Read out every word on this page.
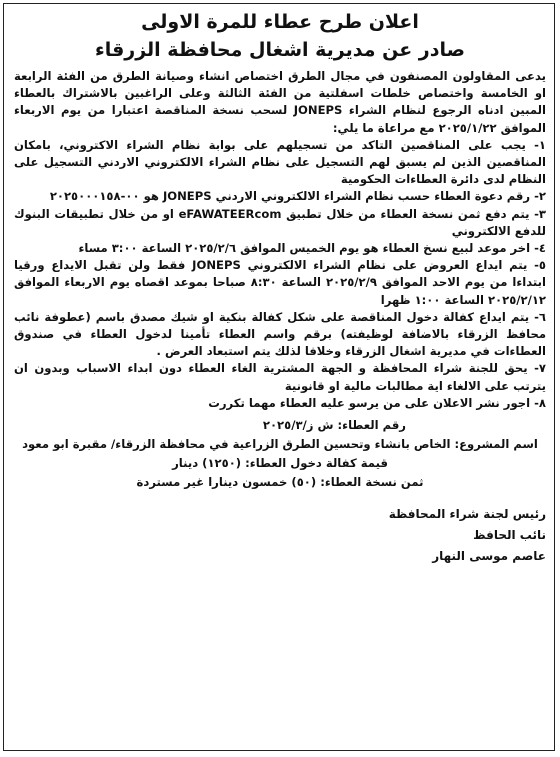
اعلان طرح عطاء للمرة الاولى
صادر عن مديرية اشغال محافظة الزرقاء

يدعى المقاولون المصنفون في مجال الطرق اختصاص انشاء وصيانة الطرق من الفئة الرابعة او الخامسة واختصاص خلطات اسفلتية من الفئة الثالثة وعلى الراغبين بالاشتراك بالعطاء المبين ادناه الرجوع لنظام الشراء JONEPS لسحب نسخة المناقصة اعتبارا من يوم الاربعاء الموافق ٢٠٢٥/١/٢٢ مع مراعاة ما يلي:

١- يجب على المناقصين التاكد من تسجيلهم على بوابة نظام الشراء الاكتروني، بامكان المناقصين الذين لم يسبق لهم التسجيل على نظام الشراء الالكتروني الاردني التسجيل على النظام لدى دائرة العطاءات الحكومية

٢- رقم دعوة العطاء حسب نظام الشراء الالكتروني الاردني JONEPS هو ٠٠-٢٠٢٥٠٠٠١٥٨

٣- يتم دفع ثمن نسخة العطاء من خلال تطبيق eFAWATEERcom او من خلال تطبيقات البنوك للدفع الالكتروني

٤- اخر موعد لبيع نسخ العطاء هو يوم الخميس الموافق ٢٠٢٥/٢/٦ الساعة ٣:٠٠ مساء

٥- يتم ايداع العروض على نظام الشراء الالكتروني JONEPS فقط ولن تقبل الايداع ورقيا ابتداءا من يوم الاحد الموافق ٢٠٢٥/٢/٩ الساعة ٨:٣٠ صباحا بموعد اقصاه يوم الاربعاء الموافق ٢٠٢٥/٢/١٢ الساعة ١:٠٠ ظهرا

٦- يتم ايداع كفالة دخول المناقصة على شكل كفالة بنكية او شيك مصدق باسم (عطوفة نائب محافظ الزرقاء بالاضافة لوظيفته) برقم واسم العطاء تأمينا لدخول العطاء في صندوق العطاءات في مديرية اشغال الزرقاء وخلافا لذلك يتم استبعاد العرض .

٧- يحق للجنة شراء المحافظة و الجهة المشترية الغاء العطاء دون ابداء الاسباب وبدون ان يترتب على الالغاء اية مطالبات مالية او قانونية

٨- اجور نشر الاعلان على من يرسو عليه العطاء مهما تكررت

رقم العطاء: ش ز/٢٠٢٥/٣
اسم المشروع: الخاص بانشاء وتحسين الطرق الزراعية في محافظة الزرقاء/ مقبرة ابو معود
قيمة كفالة دخول العطاء: (١٢٥٠) دينار
ثمن نسخة العطاء: (٥٠) خمسون دينارا غير مستردة
رئيس لجنة شراء المحافظة
نائب الحافظ
عاصم موسى النهار
